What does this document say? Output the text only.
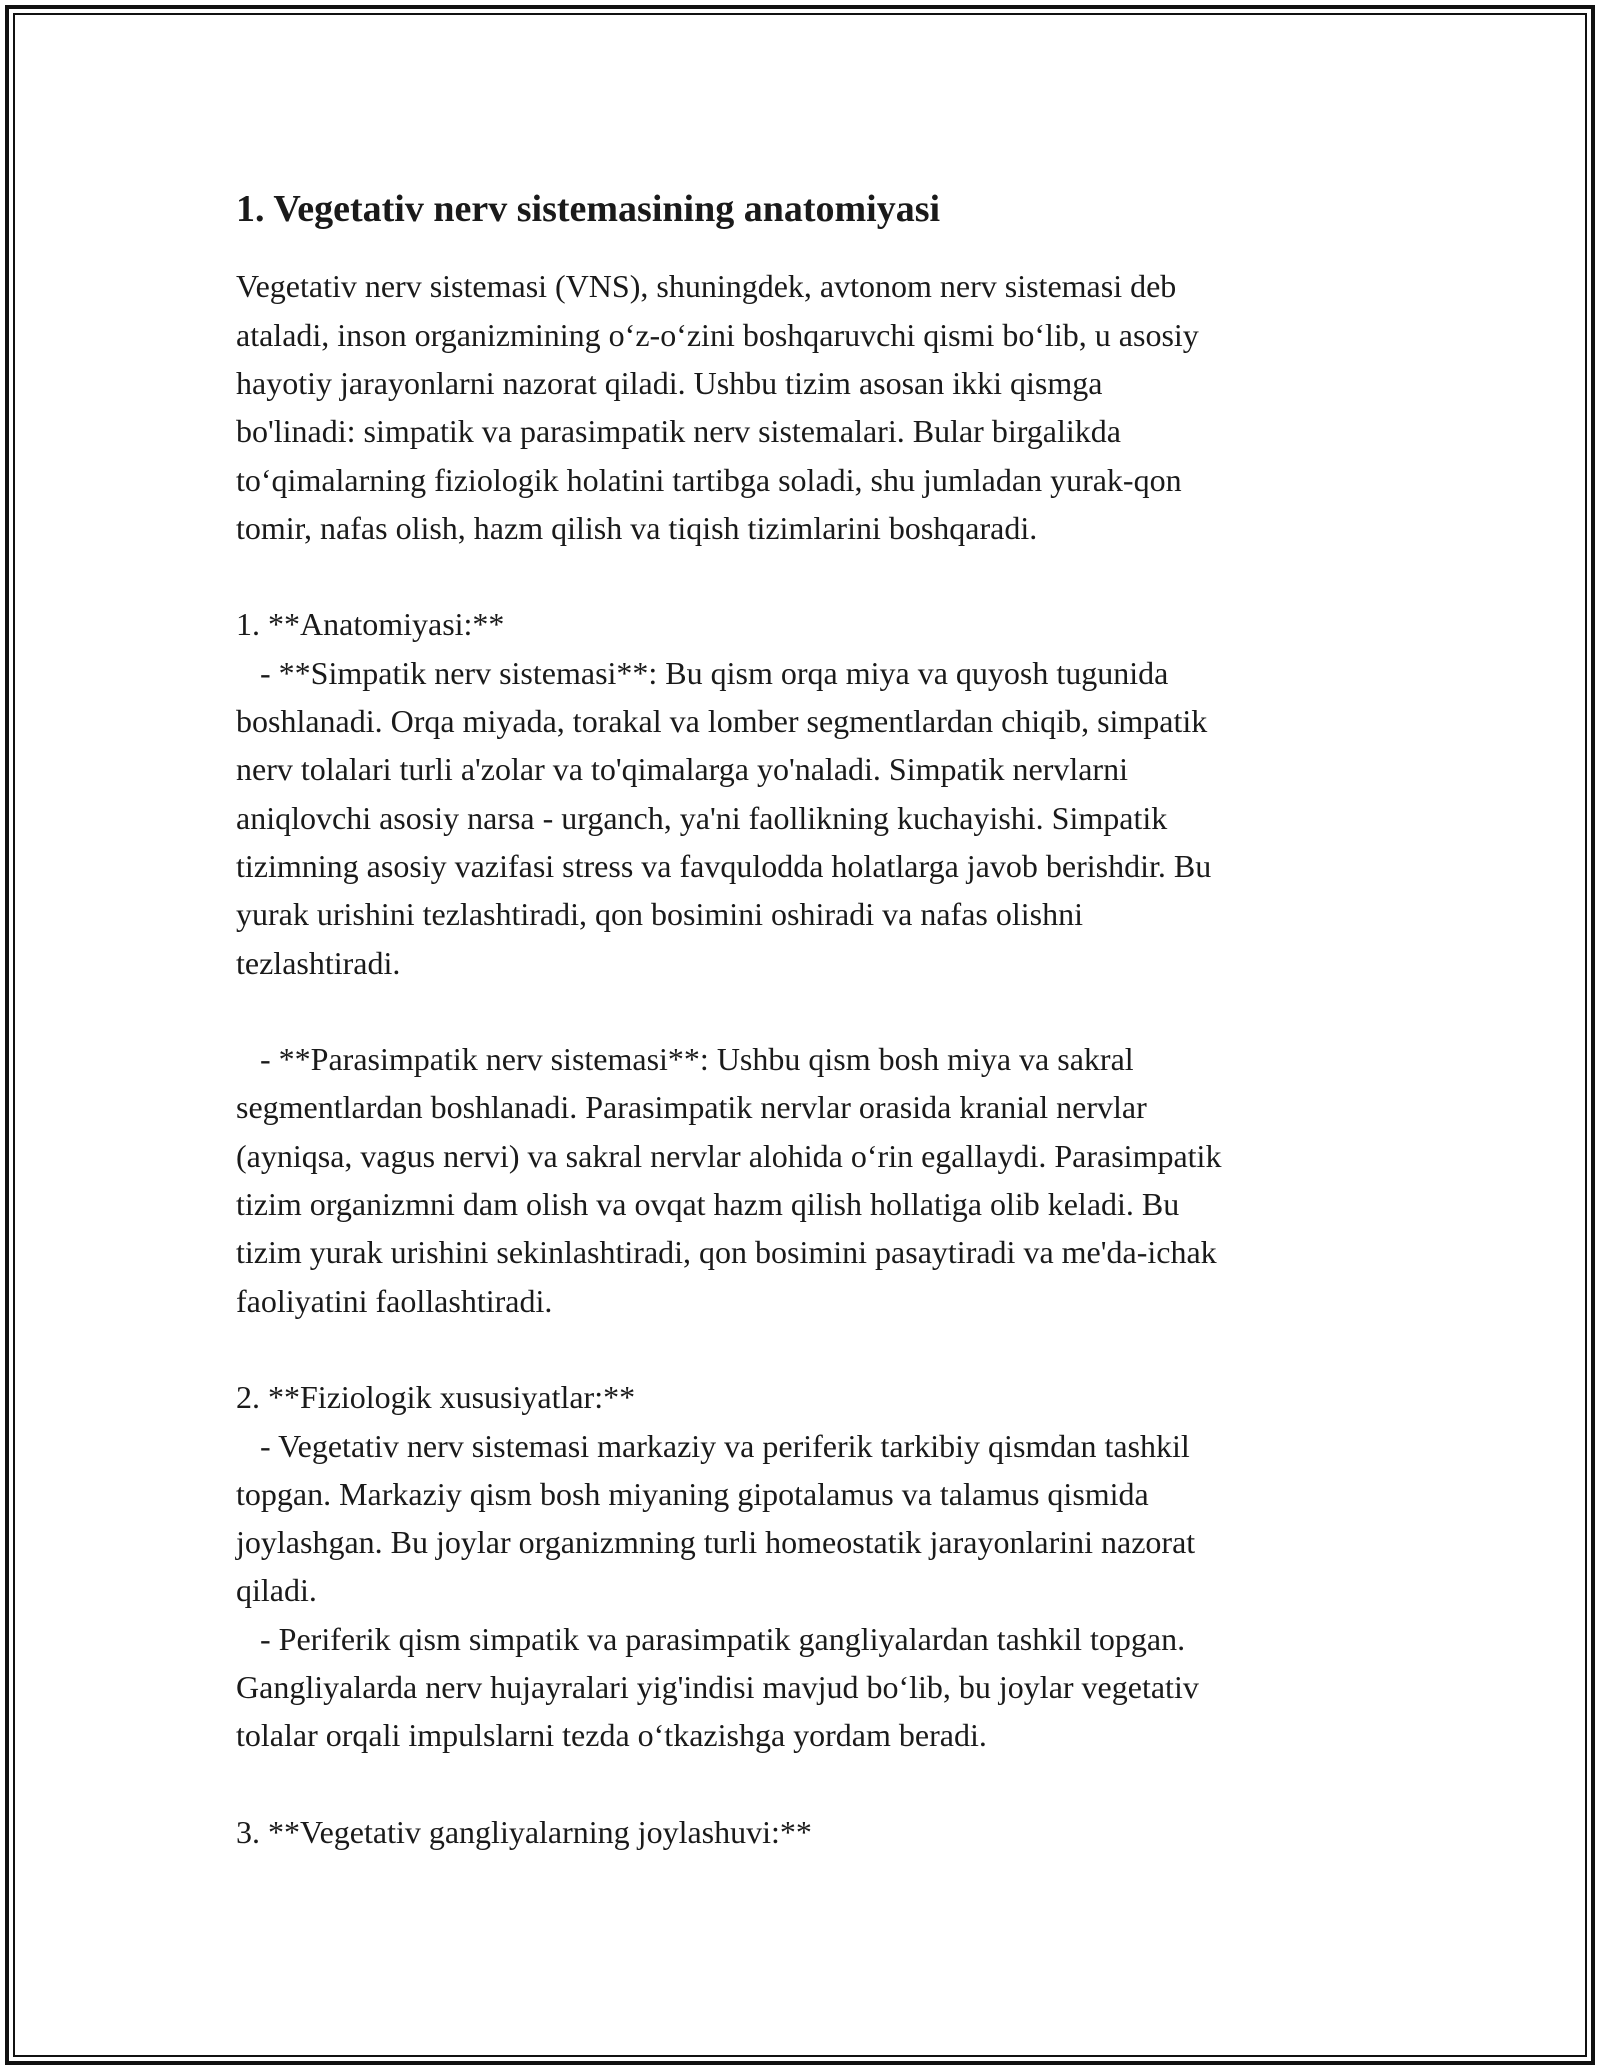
1. Vegetativ nerv sistemasining anatomiyasi

Vegetativ nerv sistemasi (VNS), shuningdek, avtonom nerv sistemasi deb
ataladi, inson organizmining o‘z-o‘zini boshqaruvchi qismi bo‘lib, u asosiy
hayotiy jarayonlarni nazorat qiladi. Ushbu tizim asosan ikki qismga
bo'linadi: simpatik va parasimpatik nerv sistemalari. Bular birgalikda
to‘qimalarning fiziologik holatini tartibga soladi, shu jumladan yurak-qon
tomir, nafas olish, hazm qilish va tiqish tizimlarini boshqaradi.

1. **Anatomiyasi:**
- **Simpatik nerv sistemasi**: Bu qism orqa miya va quyosh tugunida
boshlanadi. Orqa miyada, torakal va lomber segmentlardan chiqib, simpatik
nerv tolalari turli a'zolar va to'qimalarga yo'naladi. Simpatik nervlarni
aniqlovchi asosiy narsa - urganch, ya'ni faollikning kuchayishi. Simpatik
tizimning asosiy vazifasi stress va favqulodda holatlarga javob berishdir. Bu
yurak urishini tezlashtiradi, qon bosimini oshiradi va nafas olishni
tezlashtiradi.

- **Parasimpatik nerv sistemasi**: Ushbu qism bosh miya va sakral
segmentlardan boshlanadi. Parasimpatik nervlar orasida kranial nervlar
(ayniqsa, vagus nervi) va sakral nervlar alohida o‘rin egallaydi. Parasimpatik
tizim organizmni dam olish va ovqat hazm qilish hollatiga olib keladi. Bu
tizim yurak urishini sekinlashtiradi, qon bosimini pasaytiradi va me'da-ichak
faoliyatini faollashtiradi.

2. **Fiziologik xususiyatlar:**
- Vegetativ nerv sistemasi markaziy va periferik tarkibiy qismdan tashkil
topgan. Markaziy qism bosh miyaning gipotalamus va talamus qismida
joylashgan. Bu joylar organizmning turli homeostatik jarayonlarini nazorat
qiladi.
- Periferik qism simpatik va parasimpatik gangliyalardan tashkil topgan.
Gangliyalarda nerv hujayralari yig'indisi mavjud bo‘lib, bu joylar vegetativ
tolalar orqali impulslarni tezda o‘tkazishga yordam beradi.

3. **Vegetativ gangliyalarning joylashuvi:**
